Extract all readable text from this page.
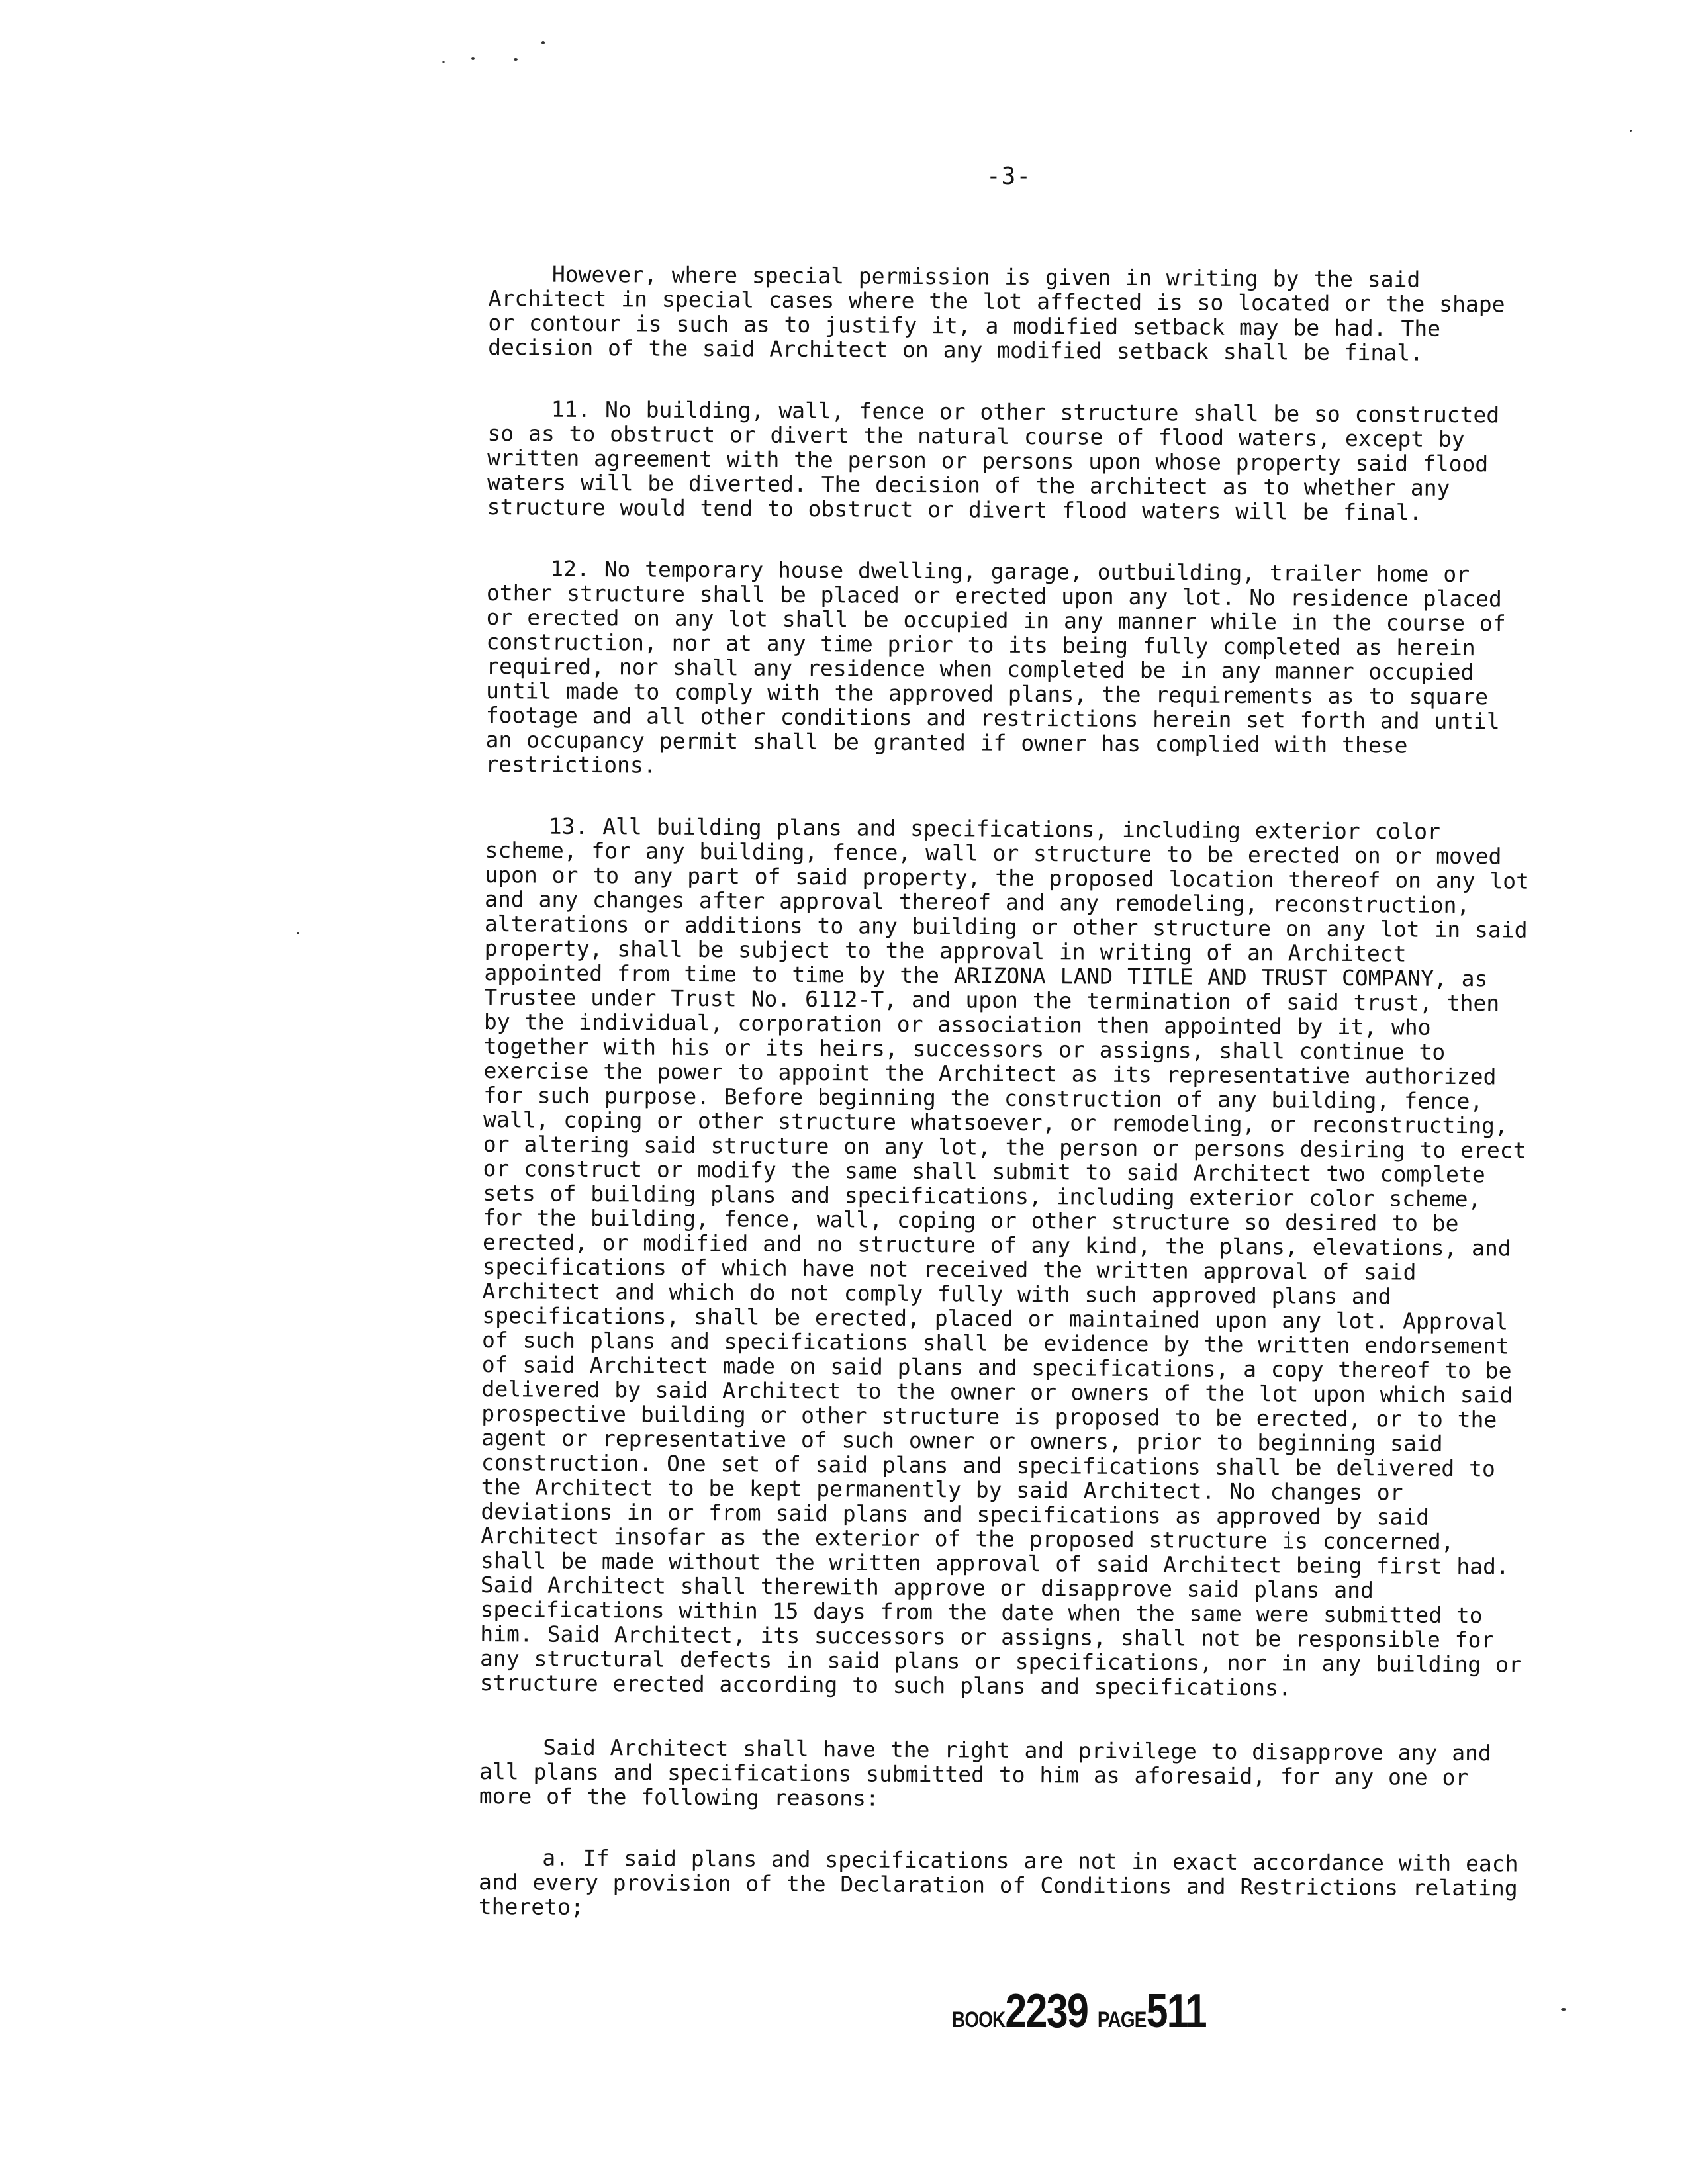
-3-

However, where special permission is given in writing by the said Architect in special cases where the lot affected is so located or the shape or contour is such as to justify it, a modified setback may be had. The decision of the said Architect on any modified setback shall be final.

11. No building, wall, fence or other structure shall be so constructed so as to obstruct or divert the natural course of flood waters, except by written agreement with the person or persons upon whose property said flood waters will be diverted. The decision of the architect as to whether any structure would tend to obstruct or divert flood waters will be final.

12. No temporary house dwelling, garage, outbuilding, trailer home or other structure shall be placed or erected upon any lot. No residence placed or erected on any lot shall be occupied in any manner while in the course of construction, nor at any time prior to its being fully completed as herein required, nor shall any residence when completed be in any manner occupied until made to comply with the approved plans, the requirements as to square footage and all other conditions and restrictions herein set forth and until an occupancy permit shall be granted if owner has complied with these restrictions.

13. All building plans and specifications, including exterior color scheme, for any building, fence, wall or structure to be erected on or moved upon or to any part of said property, the proposed location thereof on any lot and any changes after approval thereof and any remodeling, reconstruction, alterations or additions to any building or other structure on any lot in said property, shall be subject to the approval in writing of an Architect appointed from time to time by the ARIZONA LAND TITLE AND TRUST COMPANY, as Trustee under Trust No. 6112-T, and upon the termination of said trust, then by the individual, corporation or association then appointed by it, who together with his or its heirs, successors or assigns, shall continue to exercise the power to appoint the Architect as its representative authorized for such purpose. Before beginning the construction of any building, fence, wall, coping or other structure whatsoever, or remodeling, or reconstructing, or altering said structure on any lot, the person or persons desiring to erect or construct or modify the same shall submit to said Architect two complete sets of building plans and specifications, including exterior color scheme, for the building, fence, wall, coping or other structure so desired to be erected, or modified and no structure of any kind, the plans, elevations, and specifications of which have not received the written approval of said Architect and which do not comply fully with such approved plans and specifications, shall be erected, placed or maintained upon any lot. Approval of such plans and specifications shall be evidence by the written endorsement of said Architect made on said plans and specifications, a copy thereof to be delivered by said Architect to the owner or owners of the lot upon which said prospective building or other structure is proposed to be erected, or to the agent or representative of such owner or owners, prior to beginning said construction. One set of said plans and specifications shall be delivered to the Architect to be kept permanently by said Architect. No changes or deviations in or from said plans and specifications as approved by said Architect insofar as the exterior of the proposed structure is concerned, shall be made without the written approval of said Architect being first had. Said Architect shall therewith approve or disapprove said plans and specifications within 15 days from the date when the same were submitted to him. Said Architect, its successors or assigns, shall not be responsible for any structural defects in said plans or specifications, nor in any building or structure erected according to such plans and specifications.

Said Architect shall have the right and privilege to disapprove any and all plans and specifications submitted to him as aforesaid, for any one or more of the following reasons:

a. If said plans and specifications are not in exact accordance with each and every provision of the Declaration of Conditions and Restrictions relating thereto;

BOOK2239 PAGE511
